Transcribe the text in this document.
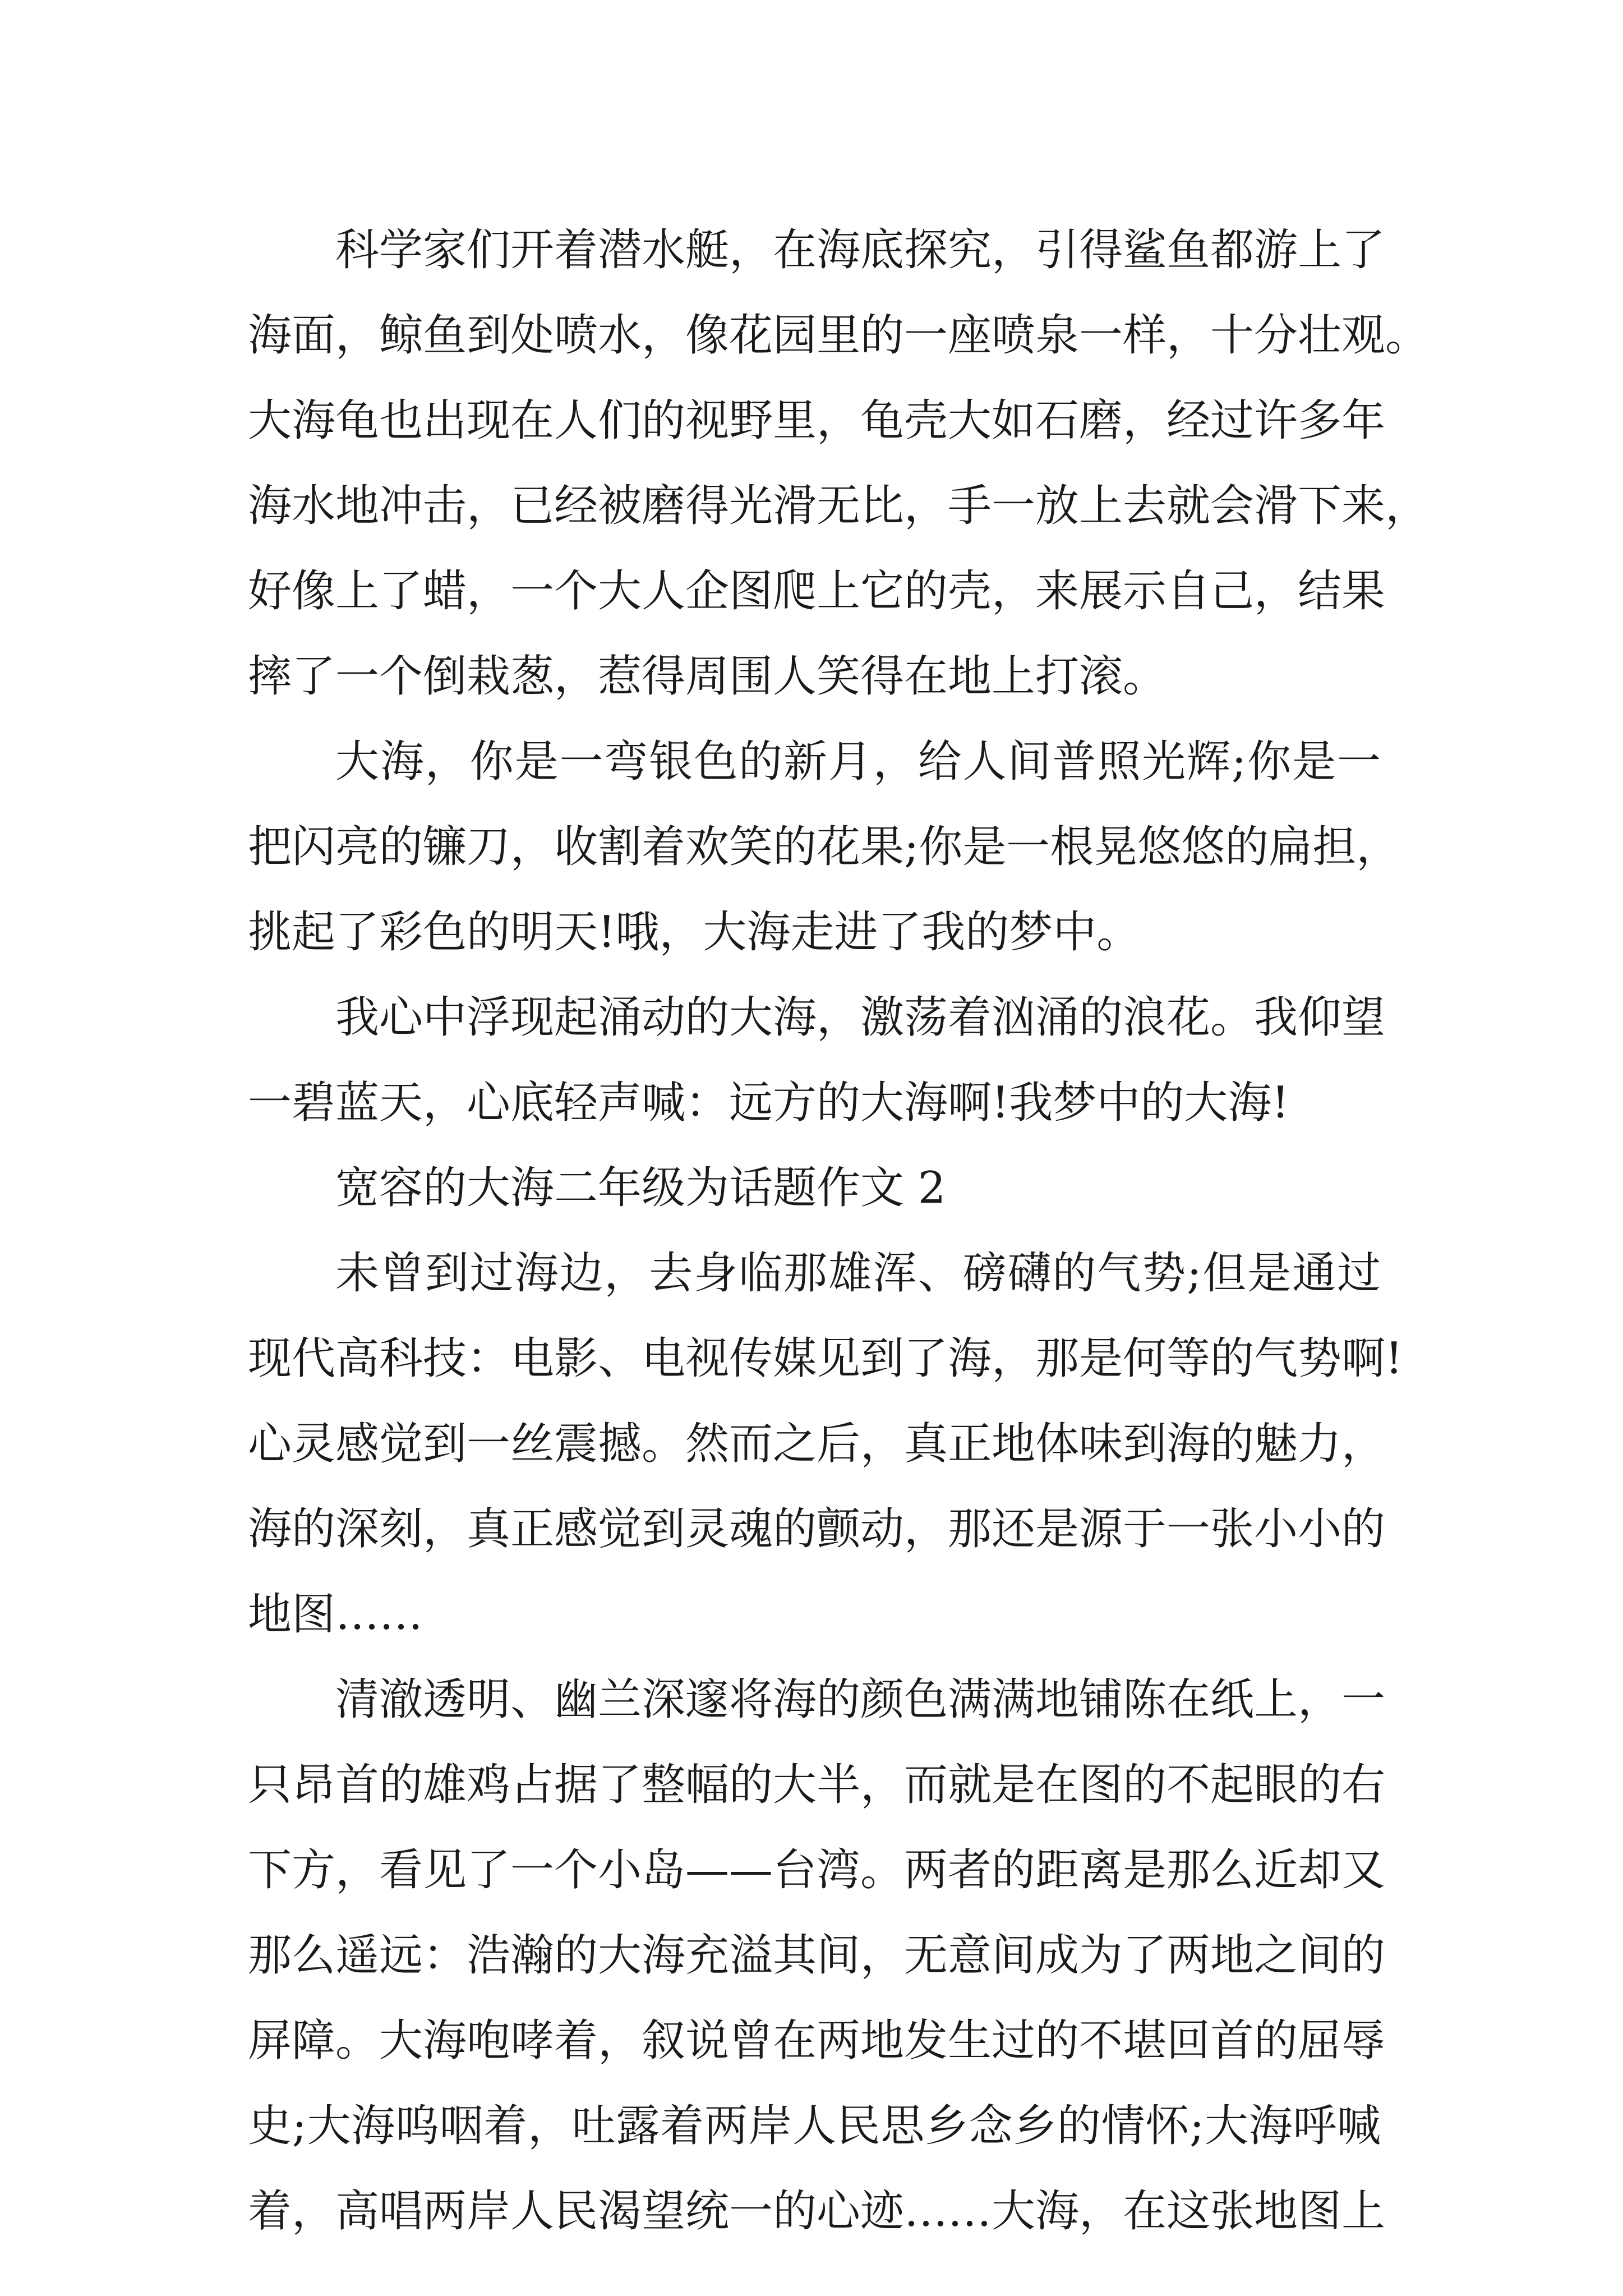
科学家们开着潜水艇，在海底探究，引得鲨鱼都游上了
海面，鲸鱼到处喷水，像花园里的一座喷泉一样，十分壮观。
大海龟也出现在人们的视野里，龟壳大如石磨，经过许多年
海水地冲击，已经被磨得光滑无比，手一放上去就会滑下来，
好像上了蜡，一个大人企图爬上它的壳，来展示自己，结果
摔了一个倒栽葱，惹得周围人笑得在地上打滚。
大海，你是一弯银色的新月，给人间普照光辉;你是一
把闪亮的镰刀，收割着欢笑的花果;你是一根晃悠悠的扁担，
挑起了彩色的明天!哦，大海走进了我的梦中。
我心中浮现起涌动的大海，激荡着汹涌的浪花。我仰望
一碧蓝天，心底轻声喊：远方的大海啊!我梦中的大海!
宽容的大海二年级为话题作文 2
未曾到过海边，去身临那雄浑、磅礴的气势;但是通过
现代高科技：电影、电视传媒见到了海，那是何等的气势啊!
心灵感觉到一丝震撼。然而之后，真正地体味到海的魅力，
海的深刻，真正感觉到灵魂的颤动，那还是源于一张小小的
地图……
清澈透明、幽兰深邃将海的颜色满满地铺陈在纸上，一
只昂首的雄鸡占据了整幅的大半，而就是在图的不起眼的右
下方，看见了一个小岛——台湾。两者的距离是那么近却又
那么遥远：浩瀚的大海充溢其间，无意间成为了两地之间的
屏障。大海咆哮着，叙说曾在两地发生过的不堪回首的屈辱
史;大海呜咽着，吐露着两岸人民思乡念乡的情怀;大海呼喊
着，高唱两岸人民渴望统一的心迹……大海，在这张地图上
